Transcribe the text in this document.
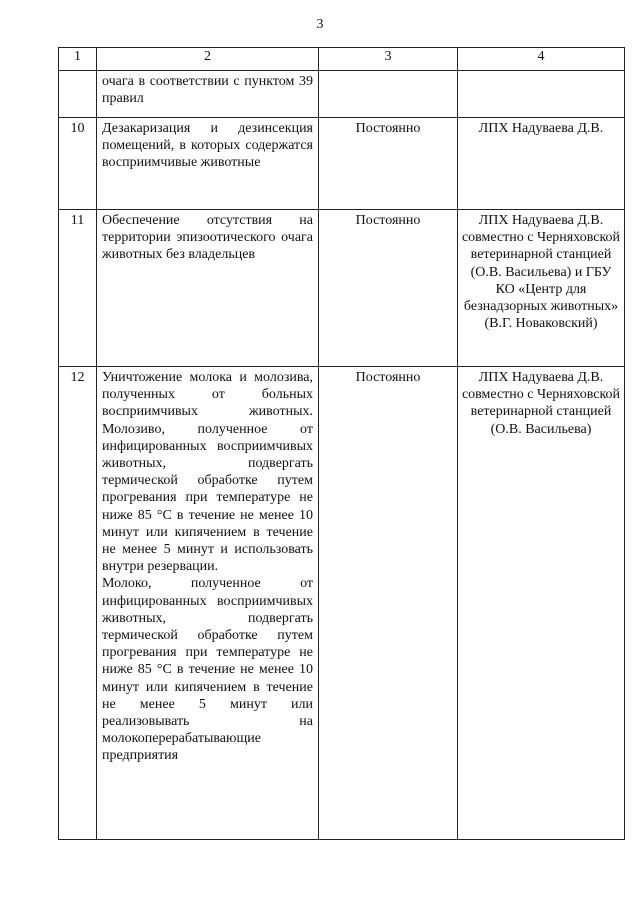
3
1	2	3	4
	очага в соответствии с пунктом 39 правил		
10	Дезакаризация и дезинсекция помещений, в которых содержатся восприимчивые животные	Постоянно	ЛПХ Надуваева Д.В.
11	Обеспечение отсутствия на территории эпизоотического очага животных без владельцев	Постоянно	ЛПХ Надуваева Д.В. совместно с Черняховской ветеринарной станцией (О.В. Васильева) и ГБУ КО «Центр для безнадзорных животных» (В.Г. Новаковский)
12	Уничтожение молока и молозива, полученных от больных восприимчивых животных. Молозиво, полученное от инфицированных восприимчивых животных, подвергать термической обработке путем прогревания при температуре не ниже 85 °С в течение не менее 10 минут или кипячением в течение не менее 5 минут и использовать внутри резервации.
Молоко, полученное от инфицированных восприимчивых животных, подвергать термической обработке путем прогревания при температуре не ниже 85 °С в течение не менее 10 минут или кипячением в течение не менее 5 минут или реализовывать на молокоперерабатывающие предприятия	Постоянно	ЛПХ Надуваева Д.В. совместно с Черняховской ветеринарной станцией (О.В. Васильева)
